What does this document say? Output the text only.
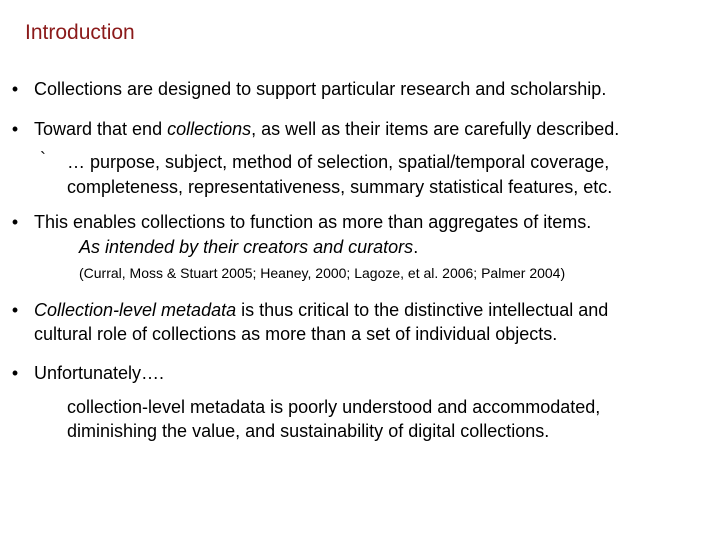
Introduction
• Collections are designed to support particular research and scholarship.
• Toward that end collections, as well as their items are carefully described.
` … purpose, subject, method of selection, spatial/temporal coverage,
completeness, representativeness, summary statistical features, etc.
• This enables collections to function as more than aggregates of items.
As intended by their creators and curators.
(Curral, Moss & Stuart 2005; Heaney, 2000; Lagoze, et al. 2006; Palmer 2004)
• Collection-level metadata is thus critical to the distinctive intellectual and
cultural role of collections as more than a set of individual objects.
• Unfortunately….
collection-level metadata is poorly understood and accommodated,
diminishing the value, and sustainability of digital collections.
